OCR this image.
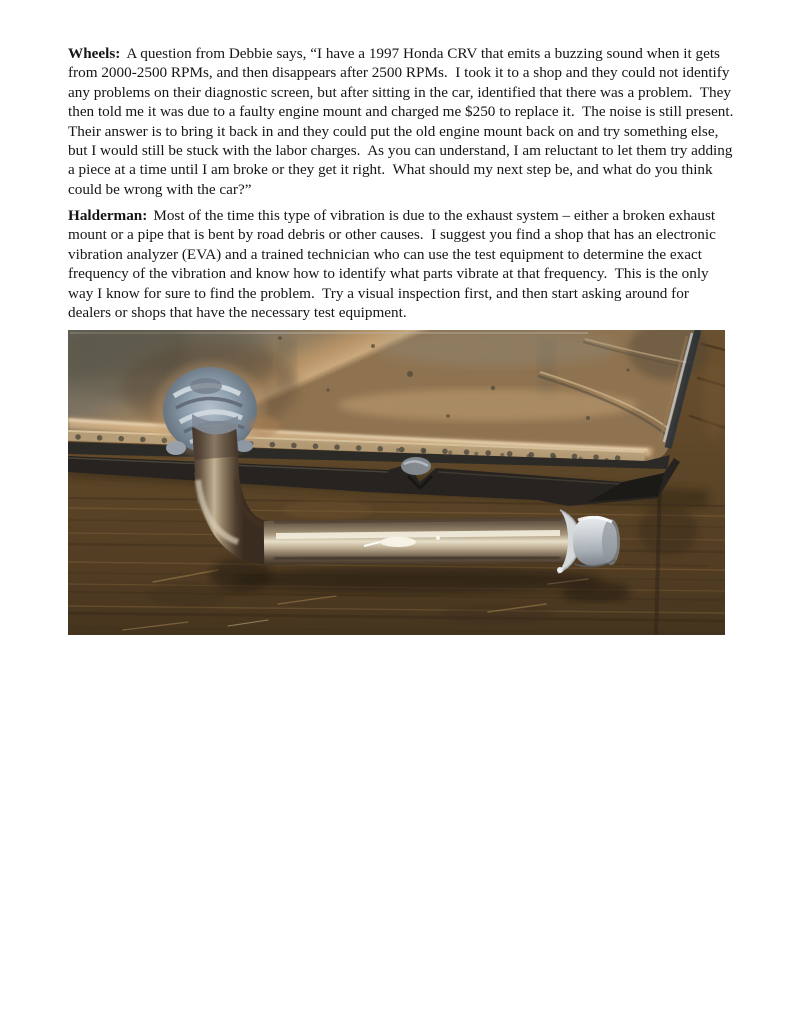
Wheels: A question from Debbie says, “I have a 1997 Honda CRV that emits a buzzing sound when it gets from 2000-2500 RPMs, and then disappears after 2500 RPMs.  I took it to a shop and they could not identify any problems on their diagnostic screen, but after sitting in the car, identified that there was a problem.  They then told me it was due to a faulty engine mount and charged me $250 to replace it.  The noise is still present.  Their answer is to bring it back in and they could put the old engine mount back on and try something else, but I would still be stuck with the labor charges.  As you can understand, I am reluctant to let them try adding a piece at a time until I am broke or they get it right.  What should my next step be, and what do you think could be wrong with the car?”

Halderman: Most of the time this type of vibration is due to the exhaust system – either a broken exhaust mount or a pipe that is bent by road debris or other causes.  I suggest you find a shop that has an electronic vibration analyzer (EVA) and a trained technician who can use the test equipment to determine the exact frequency of the vibration and know how to identify what parts vibrate at that frequency.  This is the only way I know for sure to find the problem.  Try a visual inspection first, and then start asking around for dealers or shops that have the necessary test equipment.
